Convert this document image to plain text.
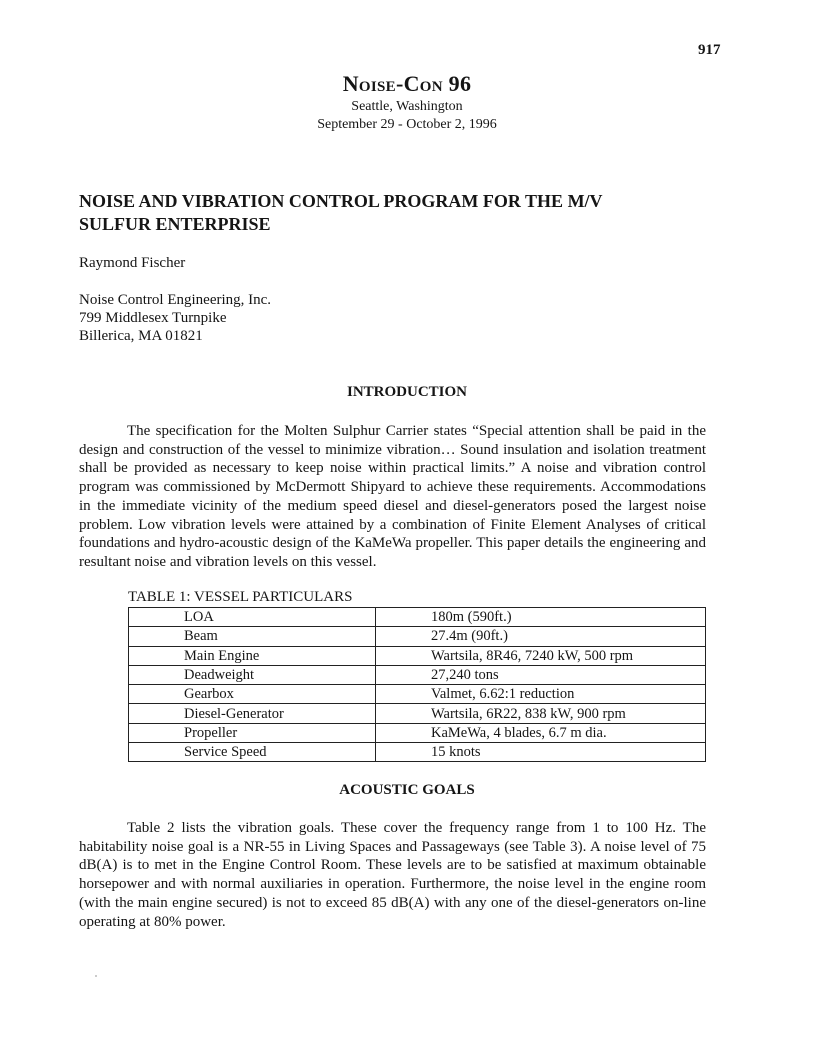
917
Noise-Con 96
Seattle, Washington
September 29 - October 2, 1996
NOISE AND VIBRATION CONTROL PROGRAM FOR THE M/V
SULFUR ENTERPRISE
Raymond Fischer
Noise Control Engineering, Inc.
799 Middlesex Turnpike
Billerica, MA 01821
INTRODUCTION

The specification for the Molten Sulphur Carrier states “Special attention shall be paid in the design and construction of the vessel to minimize vibration… Sound insulation and isolation treatment shall be provided as necessary to keep noise within practical limits.” A noise and vibration control program was commissioned by McDermott Shipyard to achieve these requirements. Accommodations in the immediate vicinity of the medium speed diesel and diesel-generators posed the largest noise problem. Low vibration levels were attained by a combination of Finite Element Analyses of critical foundations and hydro-acoustic design of the KaMeWa propeller. This paper details the engineering and resultant noise and vibration levels on this vessel.

TABLE 1: VESSEL PARTICULARS
LOA	180m (590ft.)
Beam	27.4m (90ft.)
Main Engine	Wartsila, 8R46, 7240 kW, 500 rpm
Deadweight	27,240 tons
Gearbox	Valmet, 6.62:1 reduction
Diesel-Generator	Wartsila, 6R22, 838 kW, 900 rpm
Propeller	KaMeWa, 4 blades, 6.7 m dia.
Service Speed	15 knots
ACOUSTIC GOALS

Table 2 lists the vibration goals. These cover the frequency range from 1 to 100 Hz. The habitability noise goal is a NR-55 in Living Spaces and Passageways (see Table 3). A noise level of 75 dB(A) is to met in the Engine Control Room. These levels are to be satisfied at maximum obtainable horsepower and with normal auxiliaries in operation. Furthermore, the noise level in the engine room (with the main engine secured) is not to exceed 85 dB(A) with any one of the diesel-generators on-line operating at 80% power.
